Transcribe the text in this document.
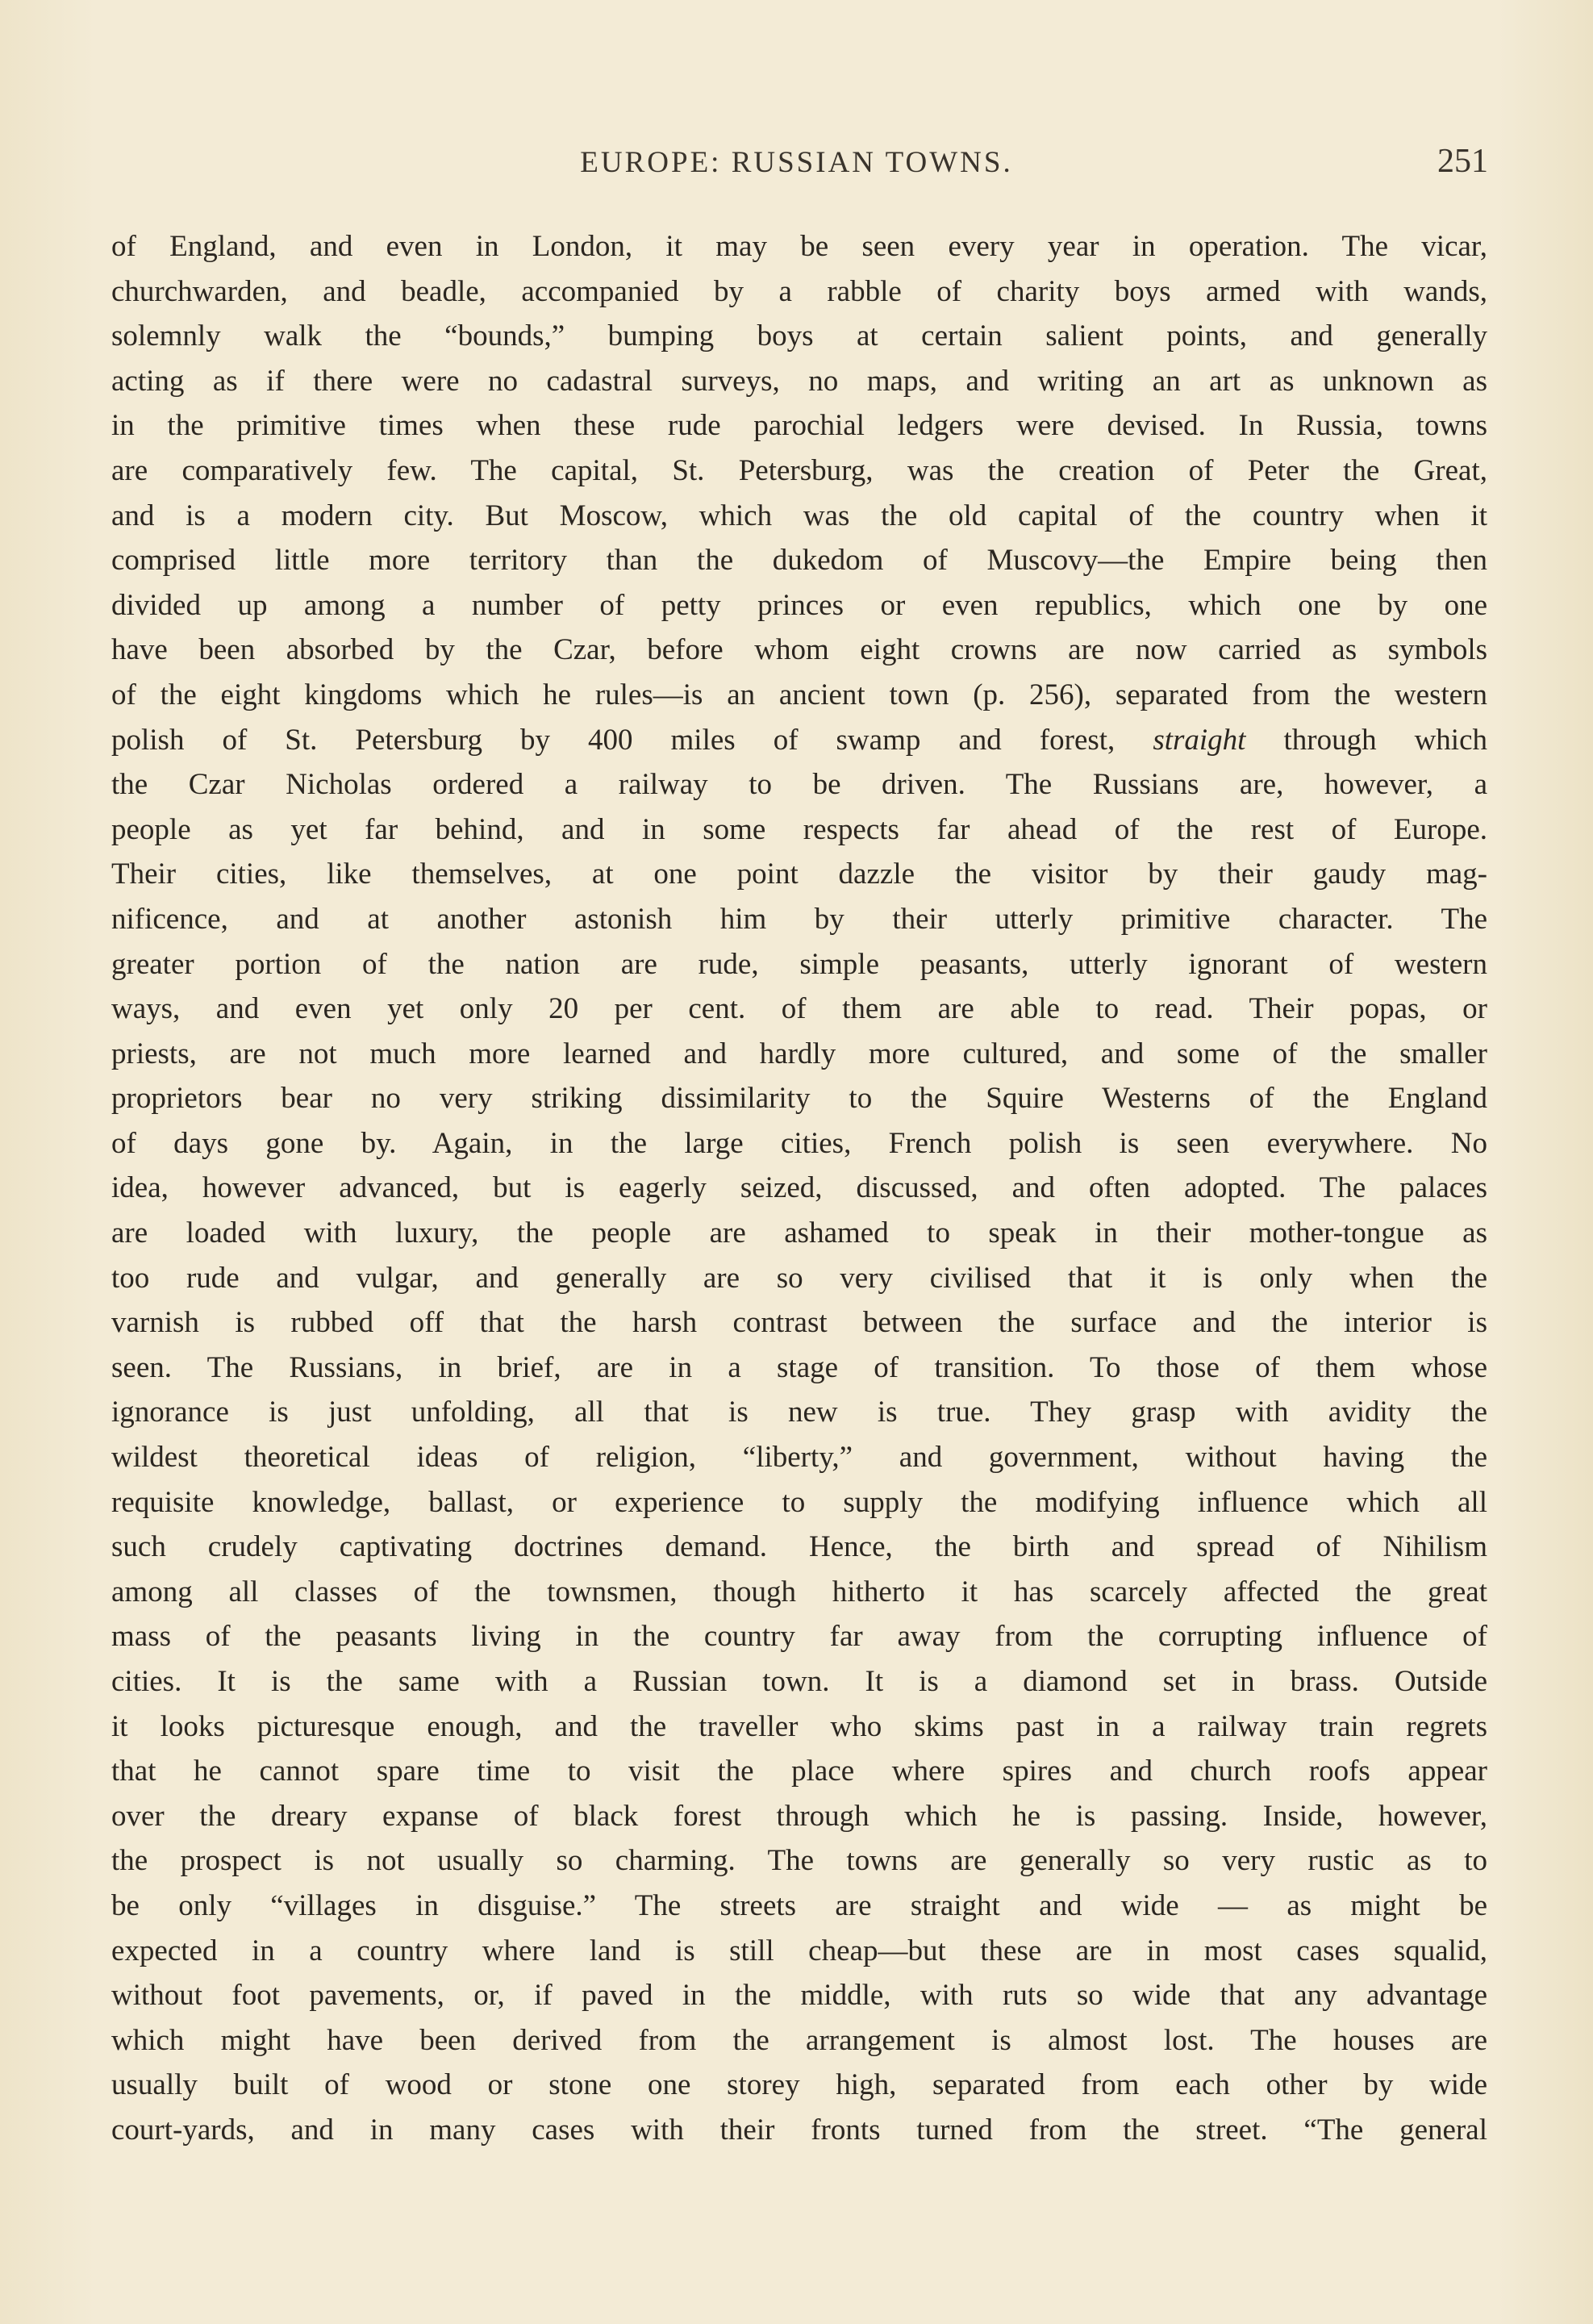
EUROPE: RUSSIAN TOWNS.	251
of England, and even in London, it may be seen every year in operation. The vicar,
churchwarden, and beadle, accompanied by a rabble of charity boys armed with wands,
solemnly walk the “bounds,” bumping boys at certain salient points, and generally
acting as if there were no cadastral surveys, no maps, and writing an art as unknown as
in the primitive times when these rude parochial ledgers were devised. In Russia, towns
are comparatively few. The capital, St. Petersburg, was the creation of Peter the Great,
and is a modern city. But Moscow, which was the old capital of the country when it
comprised little more territory than the dukedom of Muscovy—the Empire being then
divided up among a number of petty princes or even republics, which one by one
have been absorbed by the Czar, before whom eight crowns are now carried as symbols
of the eight kingdoms which he rules—is an ancient town (p. 256), separated from the western
polish of St. Petersburg by 400 miles of swamp and forest, straight through which
the Czar Nicholas ordered a railway to be driven. The Russians are, however, a
people as yet far behind, and in some respects far ahead of the rest of Europe.
Their cities, like themselves, at one point dazzle the visitor by their gaudy mag-
nificence, and at another astonish him by their utterly primitive character. The
greater portion of the nation are rude, simple peasants, utterly ignorant of western
ways, and even yet only 20 per cent. of them are able to read. Their popas, or
priests, are not much more learned and hardly more cultured, and some of the smaller
proprietors bear no very striking dissimilarity to the Squire Westerns of the England
of days gone by. Again, in the large cities, French polish is seen everywhere. No
idea, however advanced, but is eagerly seized, discussed, and often adopted. The palaces
are loaded with luxury, the people are ashamed to speak in their mother-tongue as
too rude and vulgar, and generally are so very civilised that it is only when the
varnish is rubbed off that the harsh contrast between the surface and the interior is
seen. The Russians, in brief, are in a stage of transition. To those of them whose
ignorance is just unfolding, all that is new is true. They grasp with avidity the
wildest theoretical ideas of religion, “liberty,” and government, without having the
requisite knowledge, ballast, or experience to supply the modifying influence which all
such crudely captivating doctrines demand. Hence, the birth and spread of Nihilism
among all classes of the townsmen, though hitherto it has scarcely affected the great
mass of the peasants living in the country far away from the corrupting influence of
cities. It is the same with a Russian town. It is a diamond set in brass. Outside
it looks picturesque enough, and the traveller who skims past in a railway train regrets
that he cannot spare time to visit the place where spires and church roofs appear
over the dreary expanse of black forest through which he is passing. Inside, however,
the prospect is not usually so charming. The towns are generally so very rustic as to
be only “villages in disguise.” The streets are straight and wide — as might be
expected in a country where land is still cheap—but these are in most cases squalid,
without foot pavements, or, if paved in the middle, with ruts so wide that any advantage
which might have been derived from the arrangement is almost lost. The houses are
usually built of wood or stone one storey high, separated from each other by wide
court-yards, and in many cases with their fronts turned from the street. “The general
